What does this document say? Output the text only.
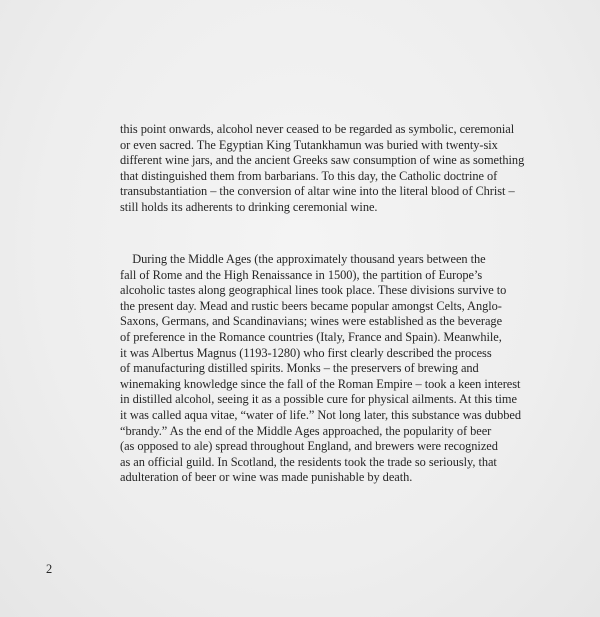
this point onwards, alcohol never ceased to be regarded as symbolic, ceremonial
or even sacred. The Egyptian King Tutankhamun was buried with twenty-six
different wine jars, and the ancient Greeks saw consumption of wine as something
that distinguished them from barbarians. To this day, the Catholic doctrine of
transubstantiation – the conversion of altar wine into the literal blood of Christ –
still holds its adherents to drinking ceremonial wine.

During the Middle Ages (the approximately thousand years between the
fall of Rome and the High Renaissance in 1500), the partition of Europe’s
alcoholic tastes along geographical lines took place. These divisions survive to
the present day. Mead and rustic beers became popular amongst Celts, Anglo-
Saxons, Germans, and Scandinavians; wines were established as the beverage
of preference in the Romance countries (Italy, France and Spain). Meanwhile,
it was Albertus Magnus (1193-1280) who first clearly described the process
of manufacturing distilled spirits. Monks – the preservers of brewing and
winemaking knowledge since the fall of the Roman Empire – took a keen interest
in distilled alcohol, seeing it as a possible cure for physical ailments. At this time
it was called aqua vitae, “water of life.” Not long later, this substance was dubbed
“brandy.” As the end of the Middle Ages approached, the popularity of beer
(as opposed to ale) spread throughout England, and brewers were recognized
as an official guild. In Scotland, the residents took the trade so seriously, that
adulteration of beer or wine was made punishable by death.

2
